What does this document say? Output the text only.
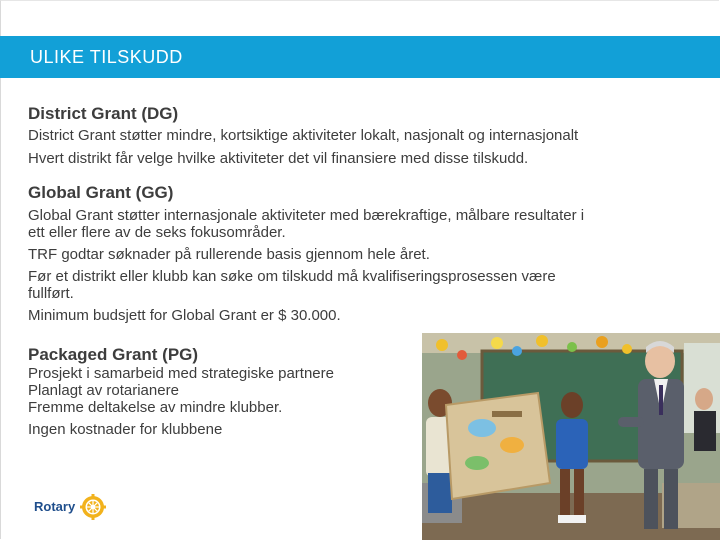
ULIKE TILSKUDD
District Grant (DG)
District Grant støtter mindre, kortsiktige aktiviteter lokalt, nasjonalt og internasjonalt
Hvert distrikt får velge hvilke aktiviteter det vil finansiere med disse tilskudd.
Global Grant (GG)
Global Grant støtter internasjonale aktiviteter med bærekraftige, målbare resultater i
ett eller flere av de seks fokusområder.
TRF godtar søknader på rullerende basis gjennom hele året.
Før et distrikt eller klubb kan søke om tilskudd må kvalifiseringsprosessen være
fullført.
Minimum budsjett for Global Grant er $ 30.000.
Packaged Grant (PG)
Prosjekt i samarbeid med strategiske partnere
Planlagt av rotarianere
Fremme deltakelse av mindre klubber.
Ingen kostnader for klubbene
Rotary
